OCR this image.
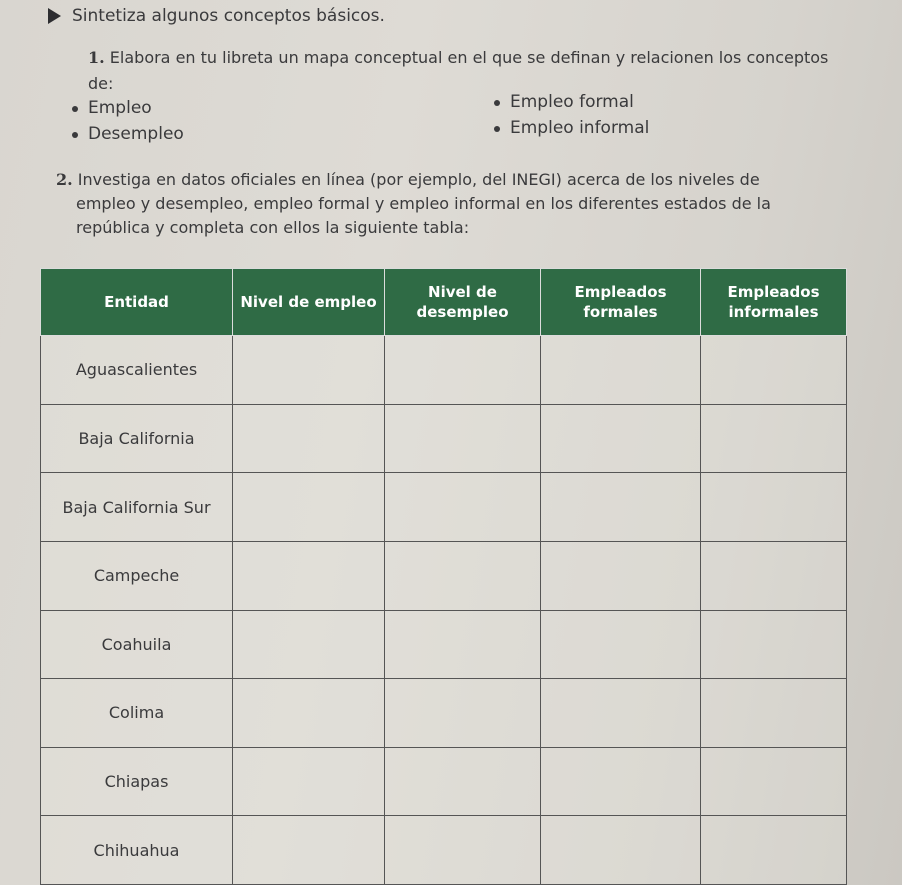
Sintetiza algunos conceptos básicos.
1. Elabora en tu libreta un mapa conceptual en el que se definan y relacionen los conceptos
de:
Empleo
Desempleo
Empleo formal
Empleo informal
2. Investiga en datos oficiales en línea (por ejemplo, del INEGI) acerca de los niveles de
empleo y desempleo, empleo formal y empleo informal en los diferentes estados de la
república y completa con ellos la siguiente tabla:
Entidad	Nivel de empleo	Nivel de desempleo	Empleados formales	Empleados informales
Aguascalientes				
Baja California				
Baja California Sur				
Campeche				
Coahuila				
Colima				
Chiapas				
Chihuahua				
